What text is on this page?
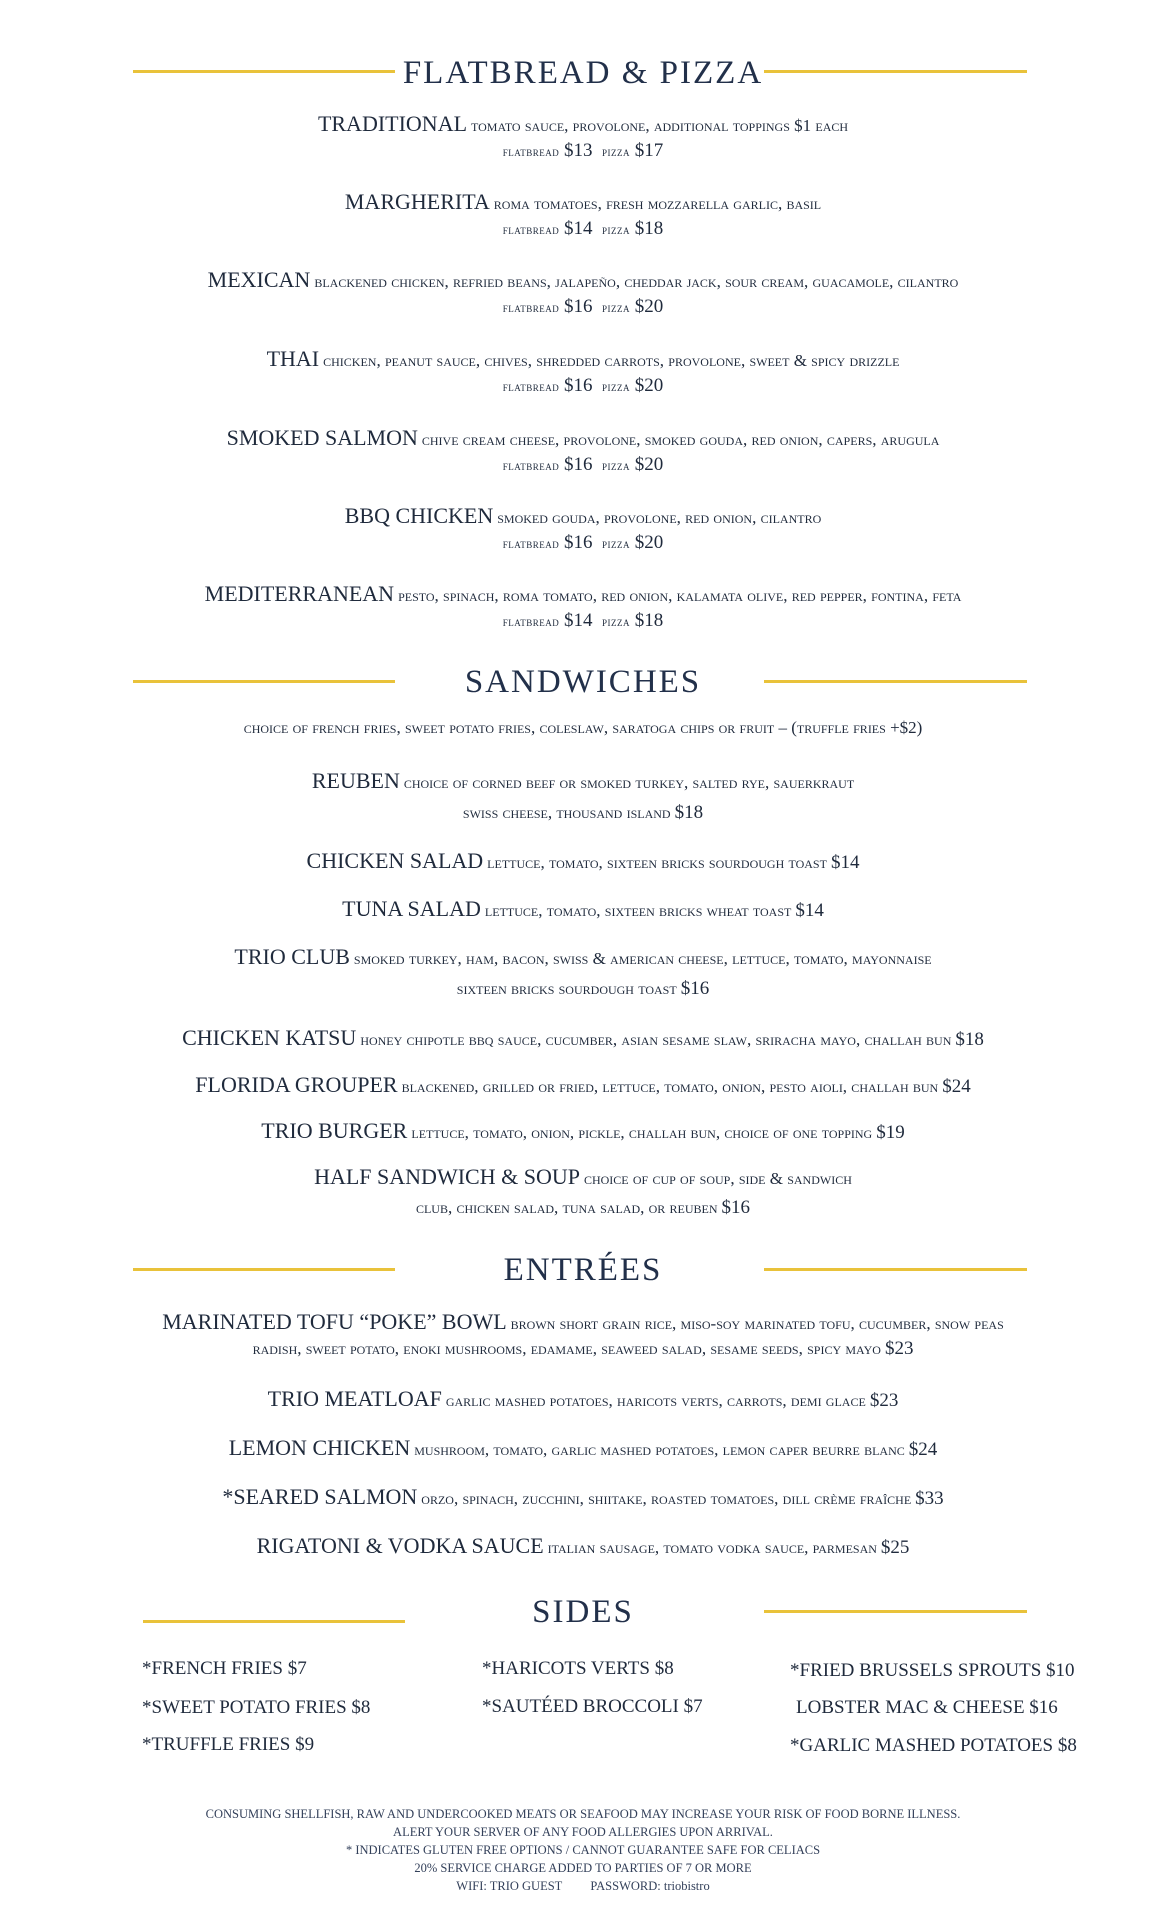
FLATBREAD & PIZZA
TRADITIONAL tomato sauce, provolone, additional toppings $1 each
flatbread $13 pizza $17
MARGHERITA roma tomatoes, fresh mozzarella garlic, basil
flatbread $14 pizza $18
MEXICAN blackened chicken, refried beans, jalapeño, cheddar jack, sour cream, guacamole, cilantro
flatbread $16 pizza $20
THAI chicken, peanut sauce, chives, shredded carrots, provolone, sweet & spicy drizzle
flatbread $16 pizza $20
SMOKED SALMON chive cream cheese, provolone, smoked gouda, red onion, capers, arugula
flatbread $16 pizza $20
BBQ CHICKEN smoked gouda, provolone, red onion, cilantro
flatbread $16 pizza $20
MEDITERRANEAN pesto, spinach, roma tomato, red onion, kalamata olive, red pepper, fontina, feta
flatbread $14 pizza $18
SANDWICHES
choice of french fries, sweet potato fries, coleslaw, saratoga chips or fruit – (truffle fries +$2)
REUBEN choice of corned beef or smoked turkey, salted rye, sauerkraut
swiss cheese, thousand island $18
CHICKEN SALAD lettuce, tomato, sixteen bricks sourdough toast $14
TUNA SALAD lettuce, tomato, sixteen bricks wheat toast $14
TRIO CLUB smoked turkey, ham, bacon, swiss & american cheese, lettuce, tomato, mayonnaise
sixteen bricks sourdough toast $16
CHICKEN KATSU honey chipotle bbq sauce, cucumber, asian sesame slaw, sriracha mayo, challah bun $18
FLORIDA GROUPER blackened, grilled or fried, lettuce, tomato, onion, pesto aioli, challah bun $24
TRIO BURGER lettuce, tomato, onion, pickle, challah bun, choice of one topping $19
HALF SANDWICH & SOUP choice of cup of soup, side & sandwich
club, chicken salad, tuna salad, or reuben $16
ENTRÉES
MARINATED TOFU “POKE” BOWL brown short grain rice, miso-soy marinated tofu, cucumber, snow peas
radish, sweet potato, enoki mushrooms, edamame, seaweed salad, sesame seeds, spicy mayo $23
TRIO MEATLOAF garlic mashed potatoes, haricots verts, carrots, demi glace $23
LEMON CHICKEN mushroom, tomato, garlic mashed potatoes, lemon caper beurre blanc $24
*SEARED SALMON orzo, spinach, zucchini, shiitake, roasted tomatoes, dill crème fraîche $33
RIGATONI & VODKA SAUCE italian sausage, tomato vodka sauce, parmesan $25
SIDES
*FRENCH FRIES $7
*SWEET POTATO FRIES $8
*TRUFFLE FRIES $9
*HARICOTS VERTS $8
*SAUTÉED BROCCOLI $7
*FRIED BRUSSELS SPROUTS $10
LOBSTER MAC & CHEESE $16
*GARLIC MASHED POTATOES $8
CONSUMING SHELLFISH, RAW AND UNDERCOOKED MEATS OR SEAFOOD MAY INCREASE YOUR RISK OF FOOD BORNE ILLNESS.
ALERT YOUR SERVER OF ANY FOOD ALLERGIES UPON ARRIVAL.
* INDICATES GLUTEN FREE OPTIONS / CANNOT GUARANTEE SAFE FOR CELIACS
20% SERVICE CHARGE ADDED TO PARTIES OF 7 OR MORE
WIFI: TRIO GUEST PASSWORD: triobistro
